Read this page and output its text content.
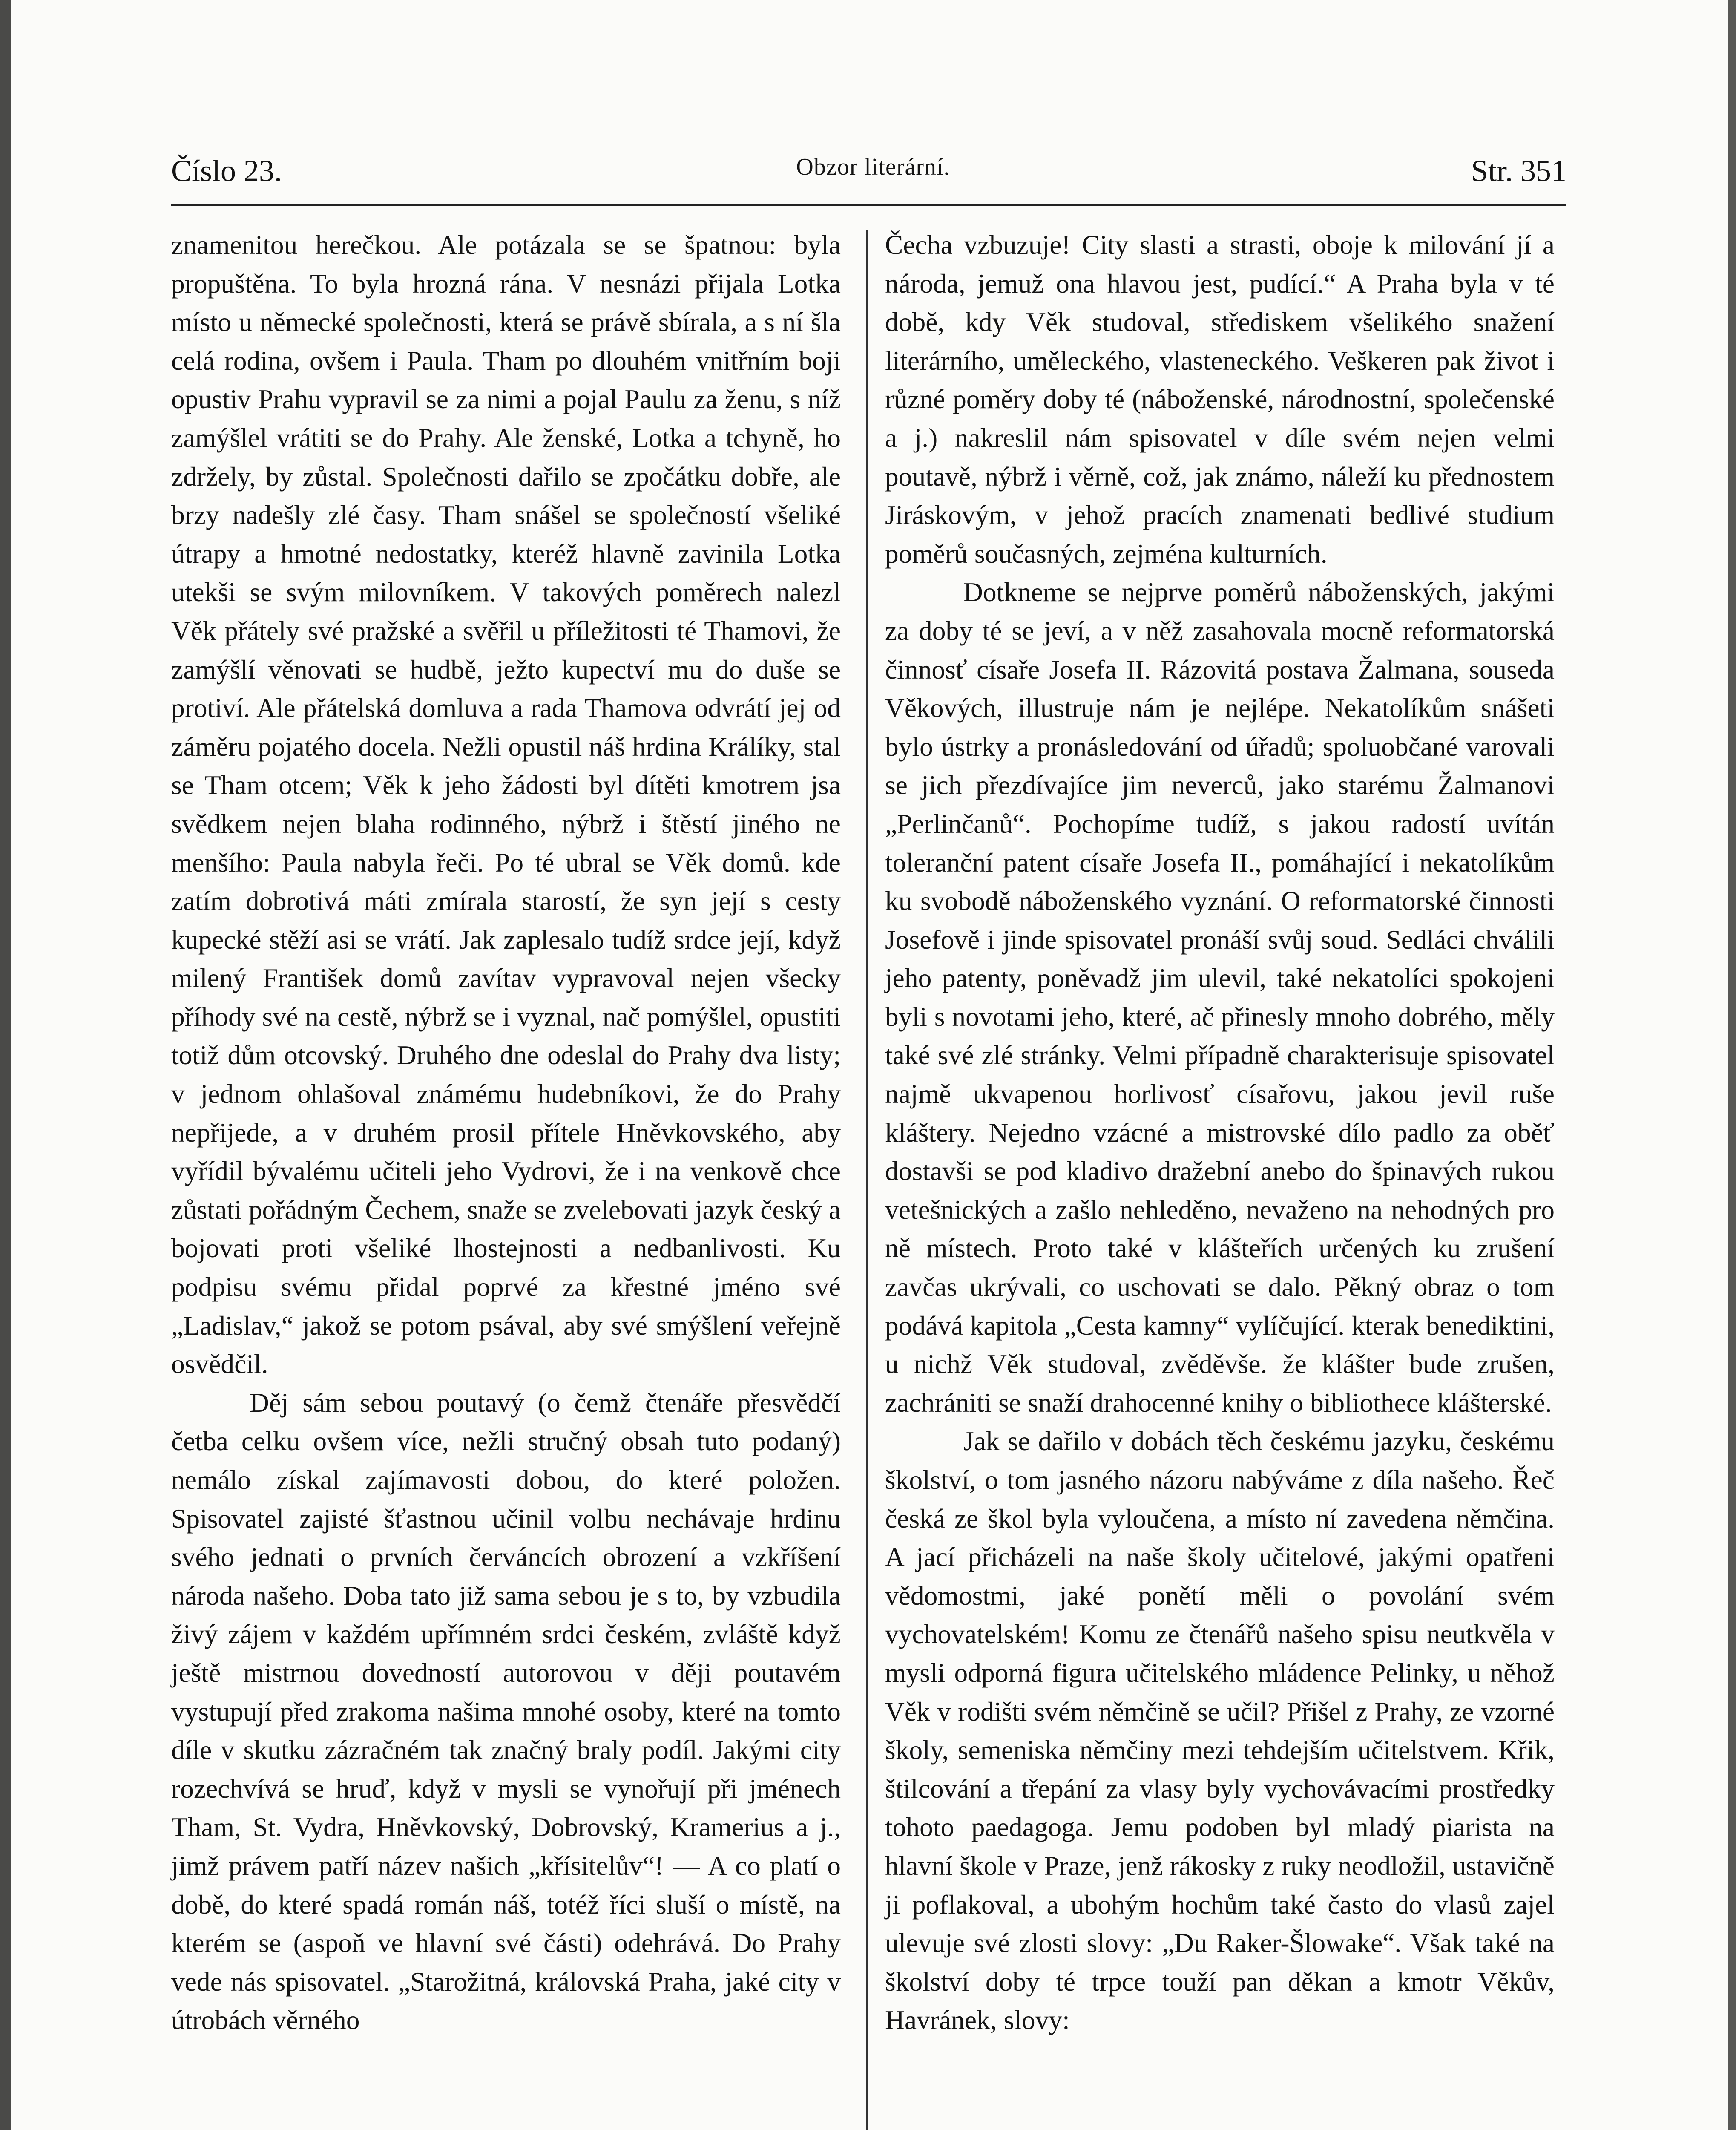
Číslo 23.	Obzor literární.	Str. 351

znamenitou herečkou. Ale potázala se se špatnou: byla propuštěna. To byla hrozná rána. V nesnázi přijala Lotka místo u německé společnosti, která se právě sbírala, a s ní šla celá rodina, ovšem i Paula. Tham po dlouhém vnitřním boji opustiv Prahu vypravil se za nimi a pojal Paulu za ženu, s níž zamýšlel vrátiti se do Prahy. Ale ženské, Lotka a tchyně, ho zdržely, by zůstal. Společnosti dařilo se zpočátku dobře, ale brzy nadešly zlé časy. Tham snášel se společností všeliké útrapy a hmotné nedostatky, kteréž hlavně zavinila Lotka utekši se svým milovníkem. V takových poměrech nalezl Věk přátely své pražské a svěřil u příležitosti té Thamovi, že zamýšlí věnovati se hudbě, ježto kupectví mu do duše se protiví. Ale přátelská domluva a rada Thamova odvrátí jej od záměru pojatého docela. Nežli opustil náš hrdina Králíky, stal se Tham otcem; Věk k jeho žádosti byl dítěti kmotrem jsa svědkem nejen blaha rodinného, nýbrž i štěstí jiného ne menšího: Paula nabyla řeči. Po té ubral se Věk domů. kde zatím dobrotivá máti zmírala starostí, že syn její s cesty kupecké stěží asi se vrátí. Jak zaplesalo tudíž srdce její, když milený František domů zavítav vypravoval nejen všecky příhody své na cestě, nýbrž se i vyznal, nač pomýšlel, opustiti totiž dům otcovský. Druhého dne odeslal do Prahy dva listy; v jednom ohlašoval známému hudebníkovi, že do Prahy nepřijede, a v druhém prosil přítele Hněvkovského, aby vyřídil bývalému učiteli jeho Vydrovi, že i na venkově chce zůstati pořádným Čechem, snaže se zvelebovati jazyk český a bojovati proti všeliké lhostejnosti a nedbanlivosti. Ku podpisu svému přidal poprvé za křestné jméno své „Ladislav,“ jakož se potom psával, aby své smýšlení veřejně osvědčil.

Děj sám sebou poutavý (o čemž čtenáře přesvědčí četba celku ovšem více, nežli stručný obsah tuto podaný) nemálo získal zajímavosti dobou, do které položen. Spisovatel zajisté šťastnou učinil volbu nechávaje hrdinu svého jednati o prvních červáncích obrození a vzkříšení národa našeho. Doba tato již sama sebou je s to, by vzbudila živý zájem v každém upřímném srdci českém, zvláště když ještě mistrnou dovedností autorovou v ději poutavém vystupují před zrakoma našima mnohé osoby, které na tomto díle v skutku zázračném tak značný braly podíl. Jakými city rozechvívá se hruď, když v mysli se vynořují při jménech Tham, St. Vydra, Hněvkovský, Dobrovský, Kramerius a j., jimž právem patří název našich „křísitelův“! — A co platí o době, do které spadá román náš, totéž říci sluší o místě, na kterém se (aspoň ve hlavní své části) odehrává. Do Prahy vede nás spisovatel. „Starožitná, královská Praha, jaké city v útrobách věrného

Čecha vzbuzuje! City slasti a strasti, oboje k milování jí a národa, jemuž ona hlavou jest, pudící.“ A Praha byla v té době, kdy Věk studoval, střediskem všelikého snažení literárního, uměleckého, vlasteneckého. Veškeren pak život i různé poměry doby té (náboženské, národnostní, společenské a j.) nakreslil nám spisovatel v díle svém nejen velmi poutavě, nýbrž i věrně, což, jak známo, náleží ku přednostem Jiráskovým, v jehož pracích znamenati bedlivé studium poměrů současných, zejména kulturních.

Dotkneme se nejprve poměrů náboženských, jakými za doby té se jeví, a v něž zasahovala mocně reformatorská činnosť císaře Josefa II. Rázovitá postava Žalmana, souseda Věkových, illustruje nám je nejlépe. Nekatolíkům snášeti bylo ústrky a pronásledování od úřadů; spoluobčané varovali se jich přezdívajíce jim neverců, jako starému Žalmanovi „Perlinčanů“. Pochopíme tudíž, s jakou radostí uvítán toleranční patent císaře Josefa II., pomáhající i nekatolíkům ku svobodě náboženského vyznání. O reformatorské činnosti Josefově i jinde spisovatel pronáší svůj soud. Sedláci chválili jeho patenty, poněvadž jim ulevil, také nekatolíci spokojeni byli s novotami jeho, které, ač přinesly mnoho dobrého, měly také své zlé stránky. Velmi případně charakterisuje spisovatel najmě ukvapenou horlivosť císařovu, jakou jevil ruše kláštery. Nejedno vzácné a mistrovské dílo padlo za oběť dostavši se pod kladivo dražební anebo do špinavých rukou vetešnických a zašlo nehleděno, nevaženo na nehodných pro ně místech. Proto také v klášteřích určených ku zrušení zavčas ukrývali, co uschovati se dalo. Pěkný obraz o tom podává kapitola „Cesta kamny“ vylíčující. kterak benediktini, u nichž Věk studoval, zvěděvše. že klášter bude zrušen, zachrániti se snaží drahocenné knihy o bibliothece klášterské.

Jak se dařilo v dobách těch českému jazyku, českému školství, o tom jasného názoru nabýváme z díla našeho. Řeč česká ze škol byla vyloučena, a místo ní zavedena němčina. A jací přicházeli na naše školy učitelové, jakými opatřeni vědomostmi, jaké ponětí měli o povolání svém vychovatelském! Komu ze čtenářů našeho spisu neutkvěla v mysli odporná figura učitelského mládence Pelinky, u něhož Věk v rodišti svém němčině se učil? Přišel z Prahy, ze vzorné školy, semeniska němčiny mezi tehdejším učitelstvem. Křik, štilcování a třepání za vlasy byly vychovávacími prostředky tohoto paedagoga. Jemu podoben byl mladý piarista na hlavní škole v Praze, jenž rákosky z ruky neodložil, ustavičně ji poflakoval, a ubohým hochům také často do vlasů zajel ulevuje své zlosti slovy: „Du Raker-Šlowake“. Však také na školství doby té trpce touží pan děkan a kmotr Věkův, Havránek, slovy:
